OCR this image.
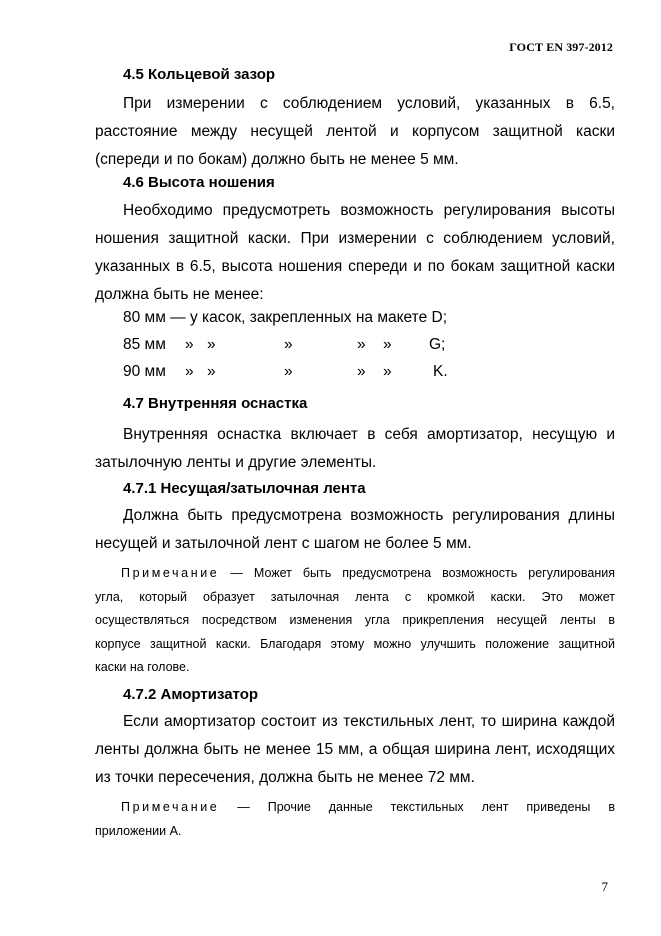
ГОСТ EN 397-2012
4.5 Кольцевой зазор
При измерении с соблюдением условий, указанных в 6.5,
расстояние между несущей лентой и корпусом защитной каски
(спереди и по бокам) должно быть не менее 5 мм.
4.6 Высота ношения
Необходимо предусмотреть возможность регулирования высоты
ношения защитной каски. При измерении с соблюдением условий,
указанных в 6.5, высота ношения спереди и по бокам защитной каски
должна быть не менее:
80 мм — у касок, закрепленных на макете D;
85 мм » »	»	» » G;
90 мм » »	»	» »	K.
4.7 Внутренняя оснастка
Внутренняя оснастка включает в себя амортизатор, несущую и
затылочную ленты и другие элементы.
4.7.1 Несущая/затылочная лента
Должна быть предусмотрена возможность регулирования длины
несущей и затылочной лент с шагом не более 5 мм.
Примечание — Может быть предусмотрена возможность регулирования
угла, который образует затылочная лента с кромкой каски. Это может
осуществляться посредством изменения угла прикрепления несущей ленты в
корпусе защитной каски. Благодаря этому можно улучшить положение защитной
каски на голове.
4.7.2 Амортизатор
Если амортизатор состоит из текстильных лент, то ширина каждой
ленты должна быть не менее 15 мм, а общая ширина лент, исходящих
из точки пересечения, должна быть не менее 72 мм.
Примечание — Прочие данные текстильных лент приведены в
приложении А.
7
